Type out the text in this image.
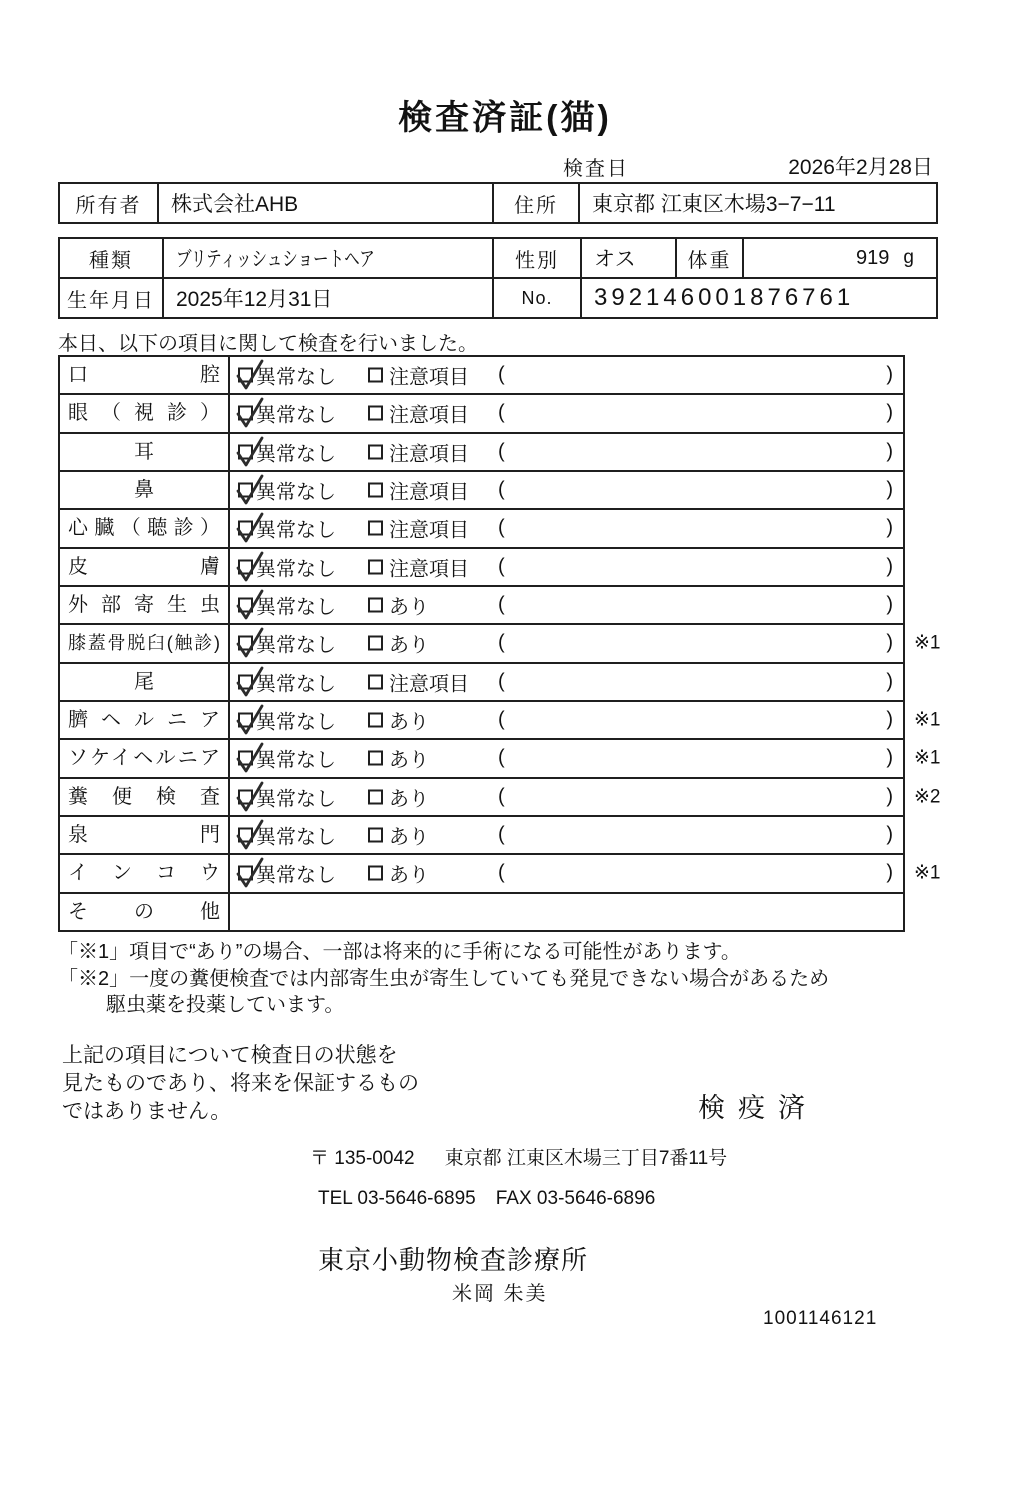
検査済証(猫)
検査日	2026年2月28日
所有者	株式会社AHB	住所	東京都 江東区木場3−7−11
種類	ブリティッシュショートヘア	性別	オス	体重	919 g
生年月日	2025年12月31日	No.	392146001876761
本日、以下の項目に関して検査を行いました。
口腔	異常なし	注意項目 (	)
眼（視診）	異常なし	注意項目 (	)
耳	異常なし	注意項目 (	)
鼻	異常なし	注意項目 (	)
心臓（聴診）	異常なし	注意項目 (	)
皮膚	異常なし	注意項目 (	)
外部寄生虫	異常なし	あり	(	)
膝蓋骨脱臼(触診)	異常なし	あり	(	) ※1
尾	異常なし	注意項目 (	)
臍ヘルニア	異常なし	あり	(	) ※1
ソケイヘルニア	異常なし	あり	(	) ※1
糞便検査	異常なし	あり	(	) ※2
泉門	異常なし	あり	(	)
インコウ	異常なし	あり	(	) ※1
その他
「※1」項目で“あり”の場合、一部は将来的に手術になる可能性があります。
「※2」一度の糞便検査では内部寄生虫が寄生していても発見できない場合があるため
駆虫薬を投薬しています。
上記の項目について検査日の状態を
見たものであり、将来を保証するもの
ではありません。	検疫済
〒 135-0042 東京都 江東区木場三丁目7番11号
TEL 03-5646-6895 FAX 03-5646-6896
東京小動物検査診療所
米岡 朱美
1001146121
